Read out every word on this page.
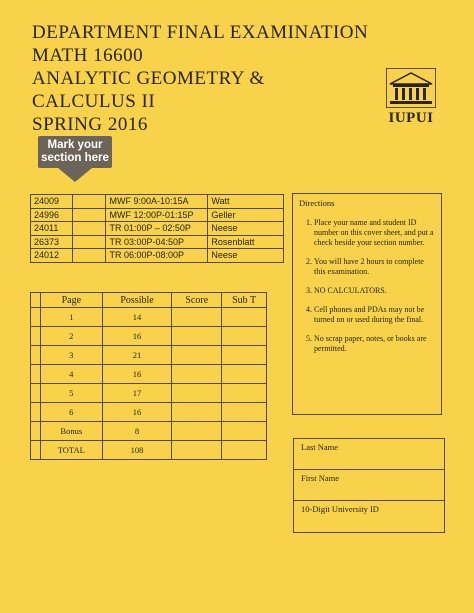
DEPARTMENT FINAL EXAMINATION
MATH 16600
ANALYTIC GEOMETRY &
CALCULUS II
SPRING 2016	IUPUI
Mark your
section here
24009		MWF 9:00A-10:15A	Watt
24996		MWF 12:00P-01:15P	Geller
24011		TR 01:00P – 02:50P	Neese
26373		TR 03:00P-04:50P	Rosenblatt
24012		TR 06:00P-08:00P	Neese
	Page	Possible	Score	Sub T
	1	14		
	2	16		
	3	21		
	4	16		
	5	17		
	6	16		
	Bonus	8		
	TOTAL	108		
Directions
1. Place your name and student ID number on this cover sheet, and put a check beside your section number.
2. You will have 2 hours to complete this examination.
3. NO CALCULATORS.
4. Cell phones and PDAs may not be turned on or used during the final.
5. No scrap paper, notes, or books are permitted.
Last Name
First Name
10-Digit University ID
